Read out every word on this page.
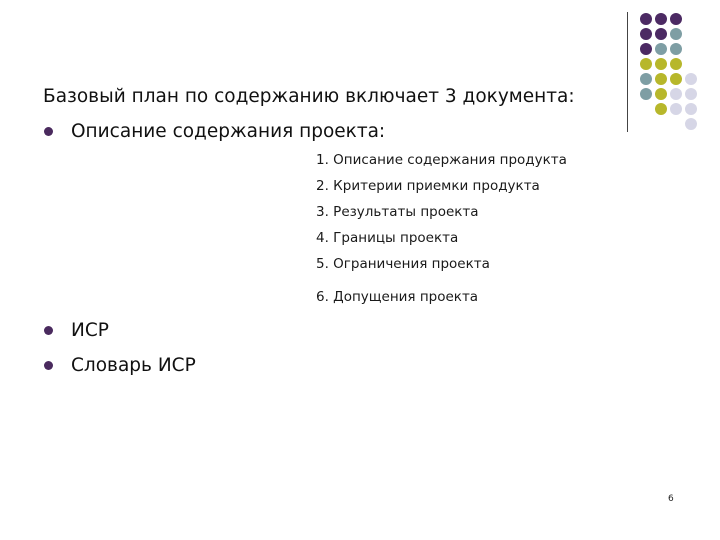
Базовый план по содержанию включает 3 документа:
Описание содержания проекта:
1. Описание содержания продукта
2. Критерии приемки продукта
3. Результаты проекта
4. Границы проекта
5. Ограничения проекта
6. Допущения проекта
ИСР
Словарь ИСР
6
